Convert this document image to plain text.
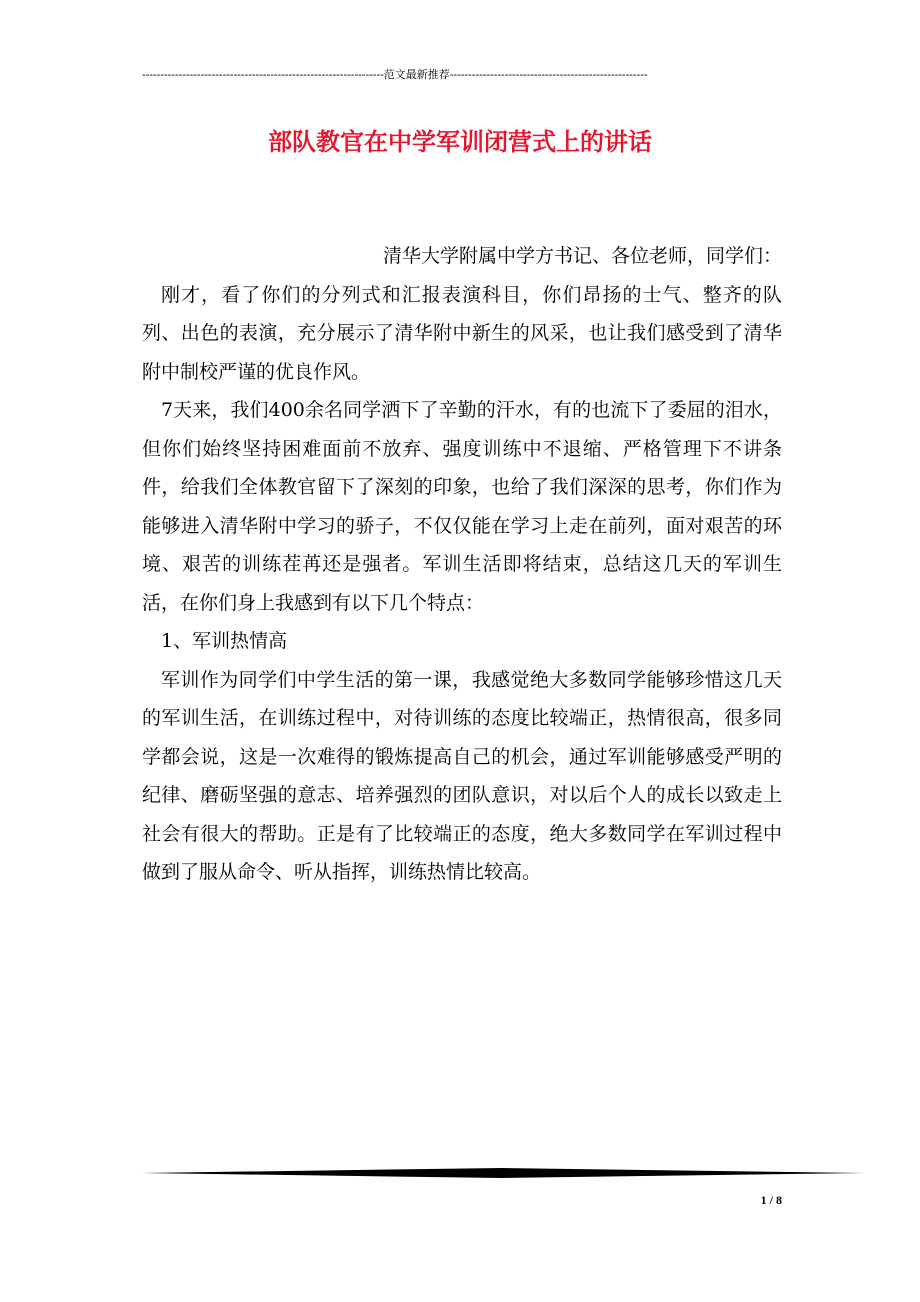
------------------------------------------------------------------范文最新推荐------------------------------------------------------
部队教官在中学军训闭营式上的讲话

清华大学附属中学方书记、各位老师，同学们：

刚才，看了你们的分列式和汇报表演科目，你们昂扬的士气、整齐的队列、出色的表演，充分展示了清华附中新生的风采，也让我们感受到了清华附中制校严谨的优良作风。

7天来，我们400余名同学洒下了辛勤的汗水，有的也流下了委屈的泪水，但你们始终坚持困难面前不放弃、强度训练中不退缩、严格管理下不讲条件，给我们全体教官留下了深刻的印象，也给了我们深深的思考，你们作为能够进入清华附中学习的骄子，不仅仅能在学习上走在前列，面对艰苦的环境、艰苦的训练茬苒还是强者。军训生活即将结束，总结这几天的军训生活，在你们身上我感到有以下几个特点：

1、军训热情高

军训作为同学们中学生活的第一课，我感觉绝大多数同学能够珍惜这几天的军训生活，在训练过程中，对待训练的态度比较端正，热情很高，很多同学都会说，这是一次难得的锻炼提高自己的机会，通过军训能够感受严明的纪律、磨砺坚强的意志、培养强烈的团队意识，对以后个人的成长以致走上社会有很大的帮助。正是有了比较端正的态度，绝大多数同学在军训过程中做到了服从命令、听从指挥，训练热情比较高。

1 / 8
